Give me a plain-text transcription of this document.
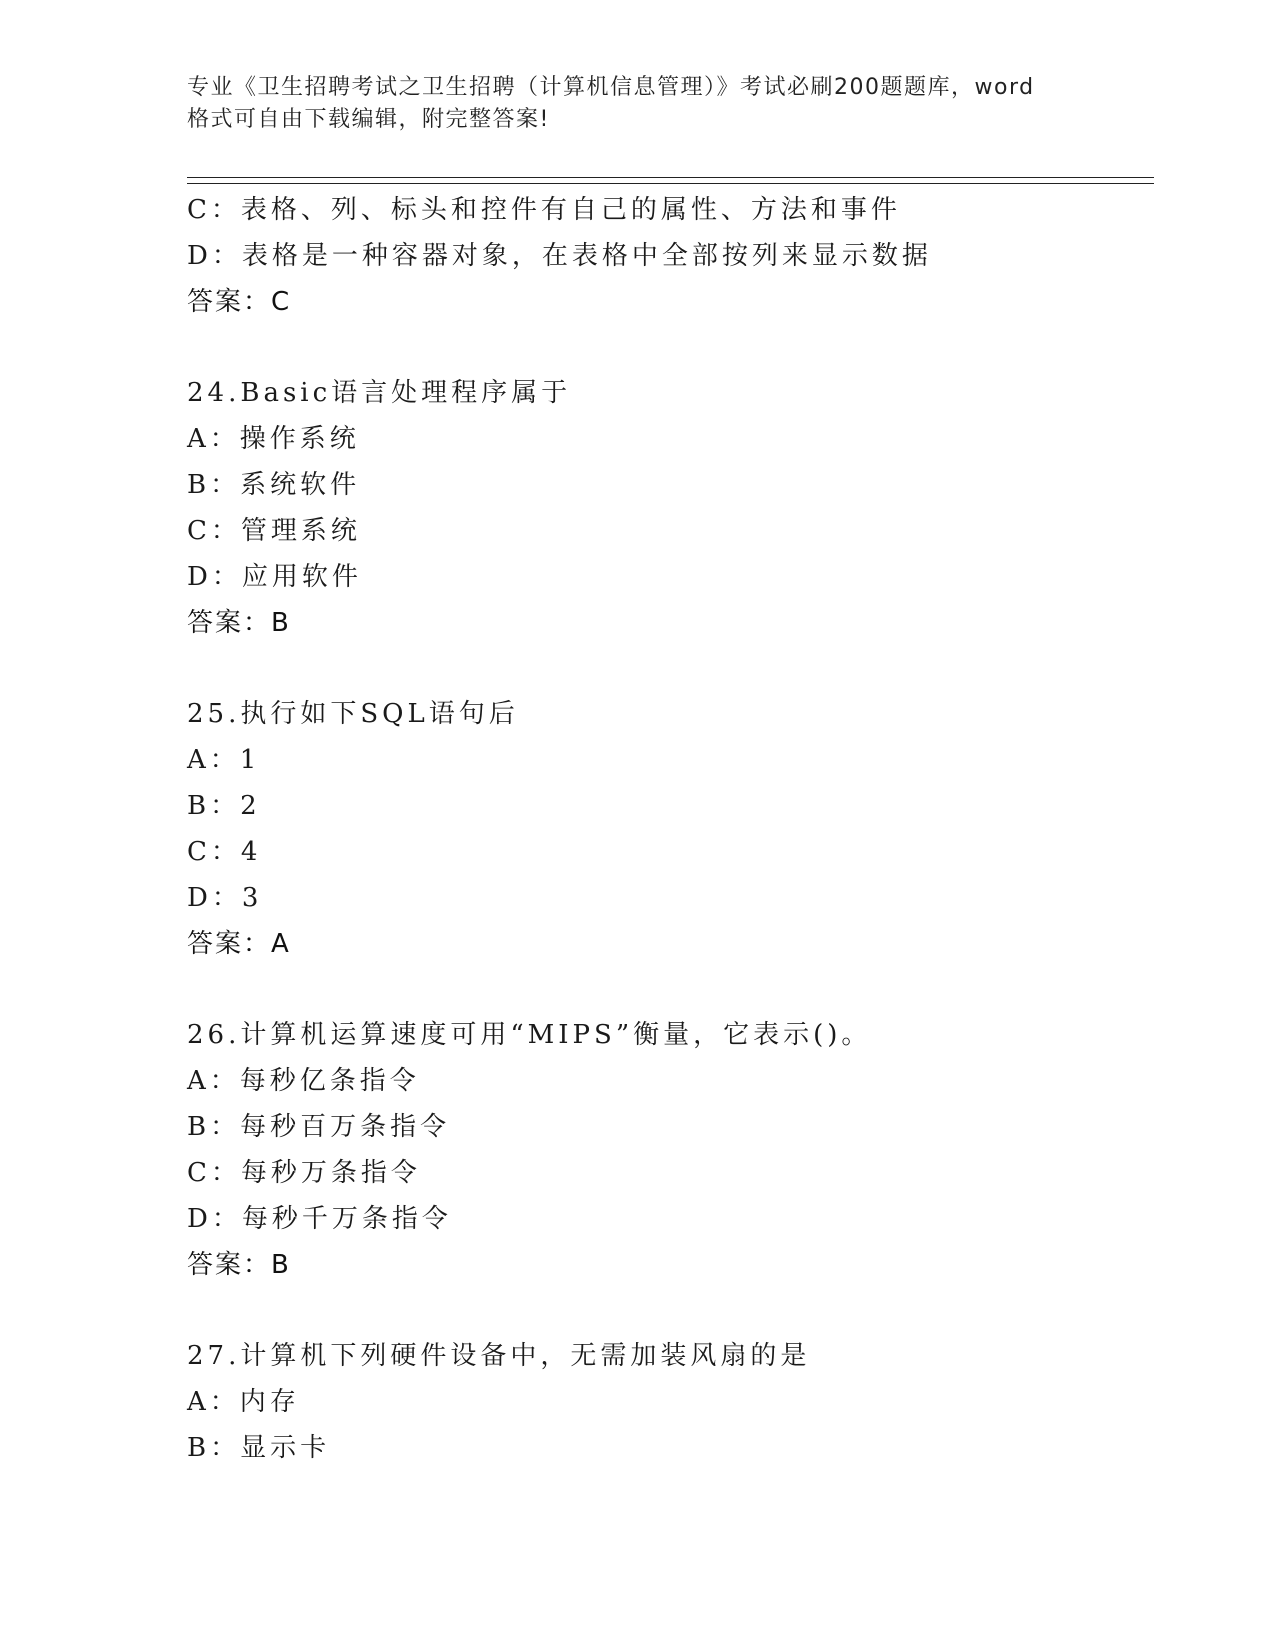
专业《卫生招聘考试之卫生招聘（计算机信息管理）》考试必刷200题题库，word
格式可自由下载编辑，附完整答案!
C：表格、列、标头和控件有自己的属性、方法和事件
D：表格是一种容器对象，在表格中全部按列来显示数据
答案：C
24.Basic语言处理程序属于
A：操作系统
B：系统软件
C：管理系统
D：应用软件
答案：B
25.执行如下SQL语句后
A：1
B：2
C：4
D：3
答案：A
26.计算机运算速度可用“MIPS”衡量，它表示()。
A：每秒亿条指令
B：每秒百万条指令
C：每秒万条指令
D：每秒千万条指令
答案：B
27.计算机下列硬件设备中，无需加装风扇的是
A：内存
B：显示卡
